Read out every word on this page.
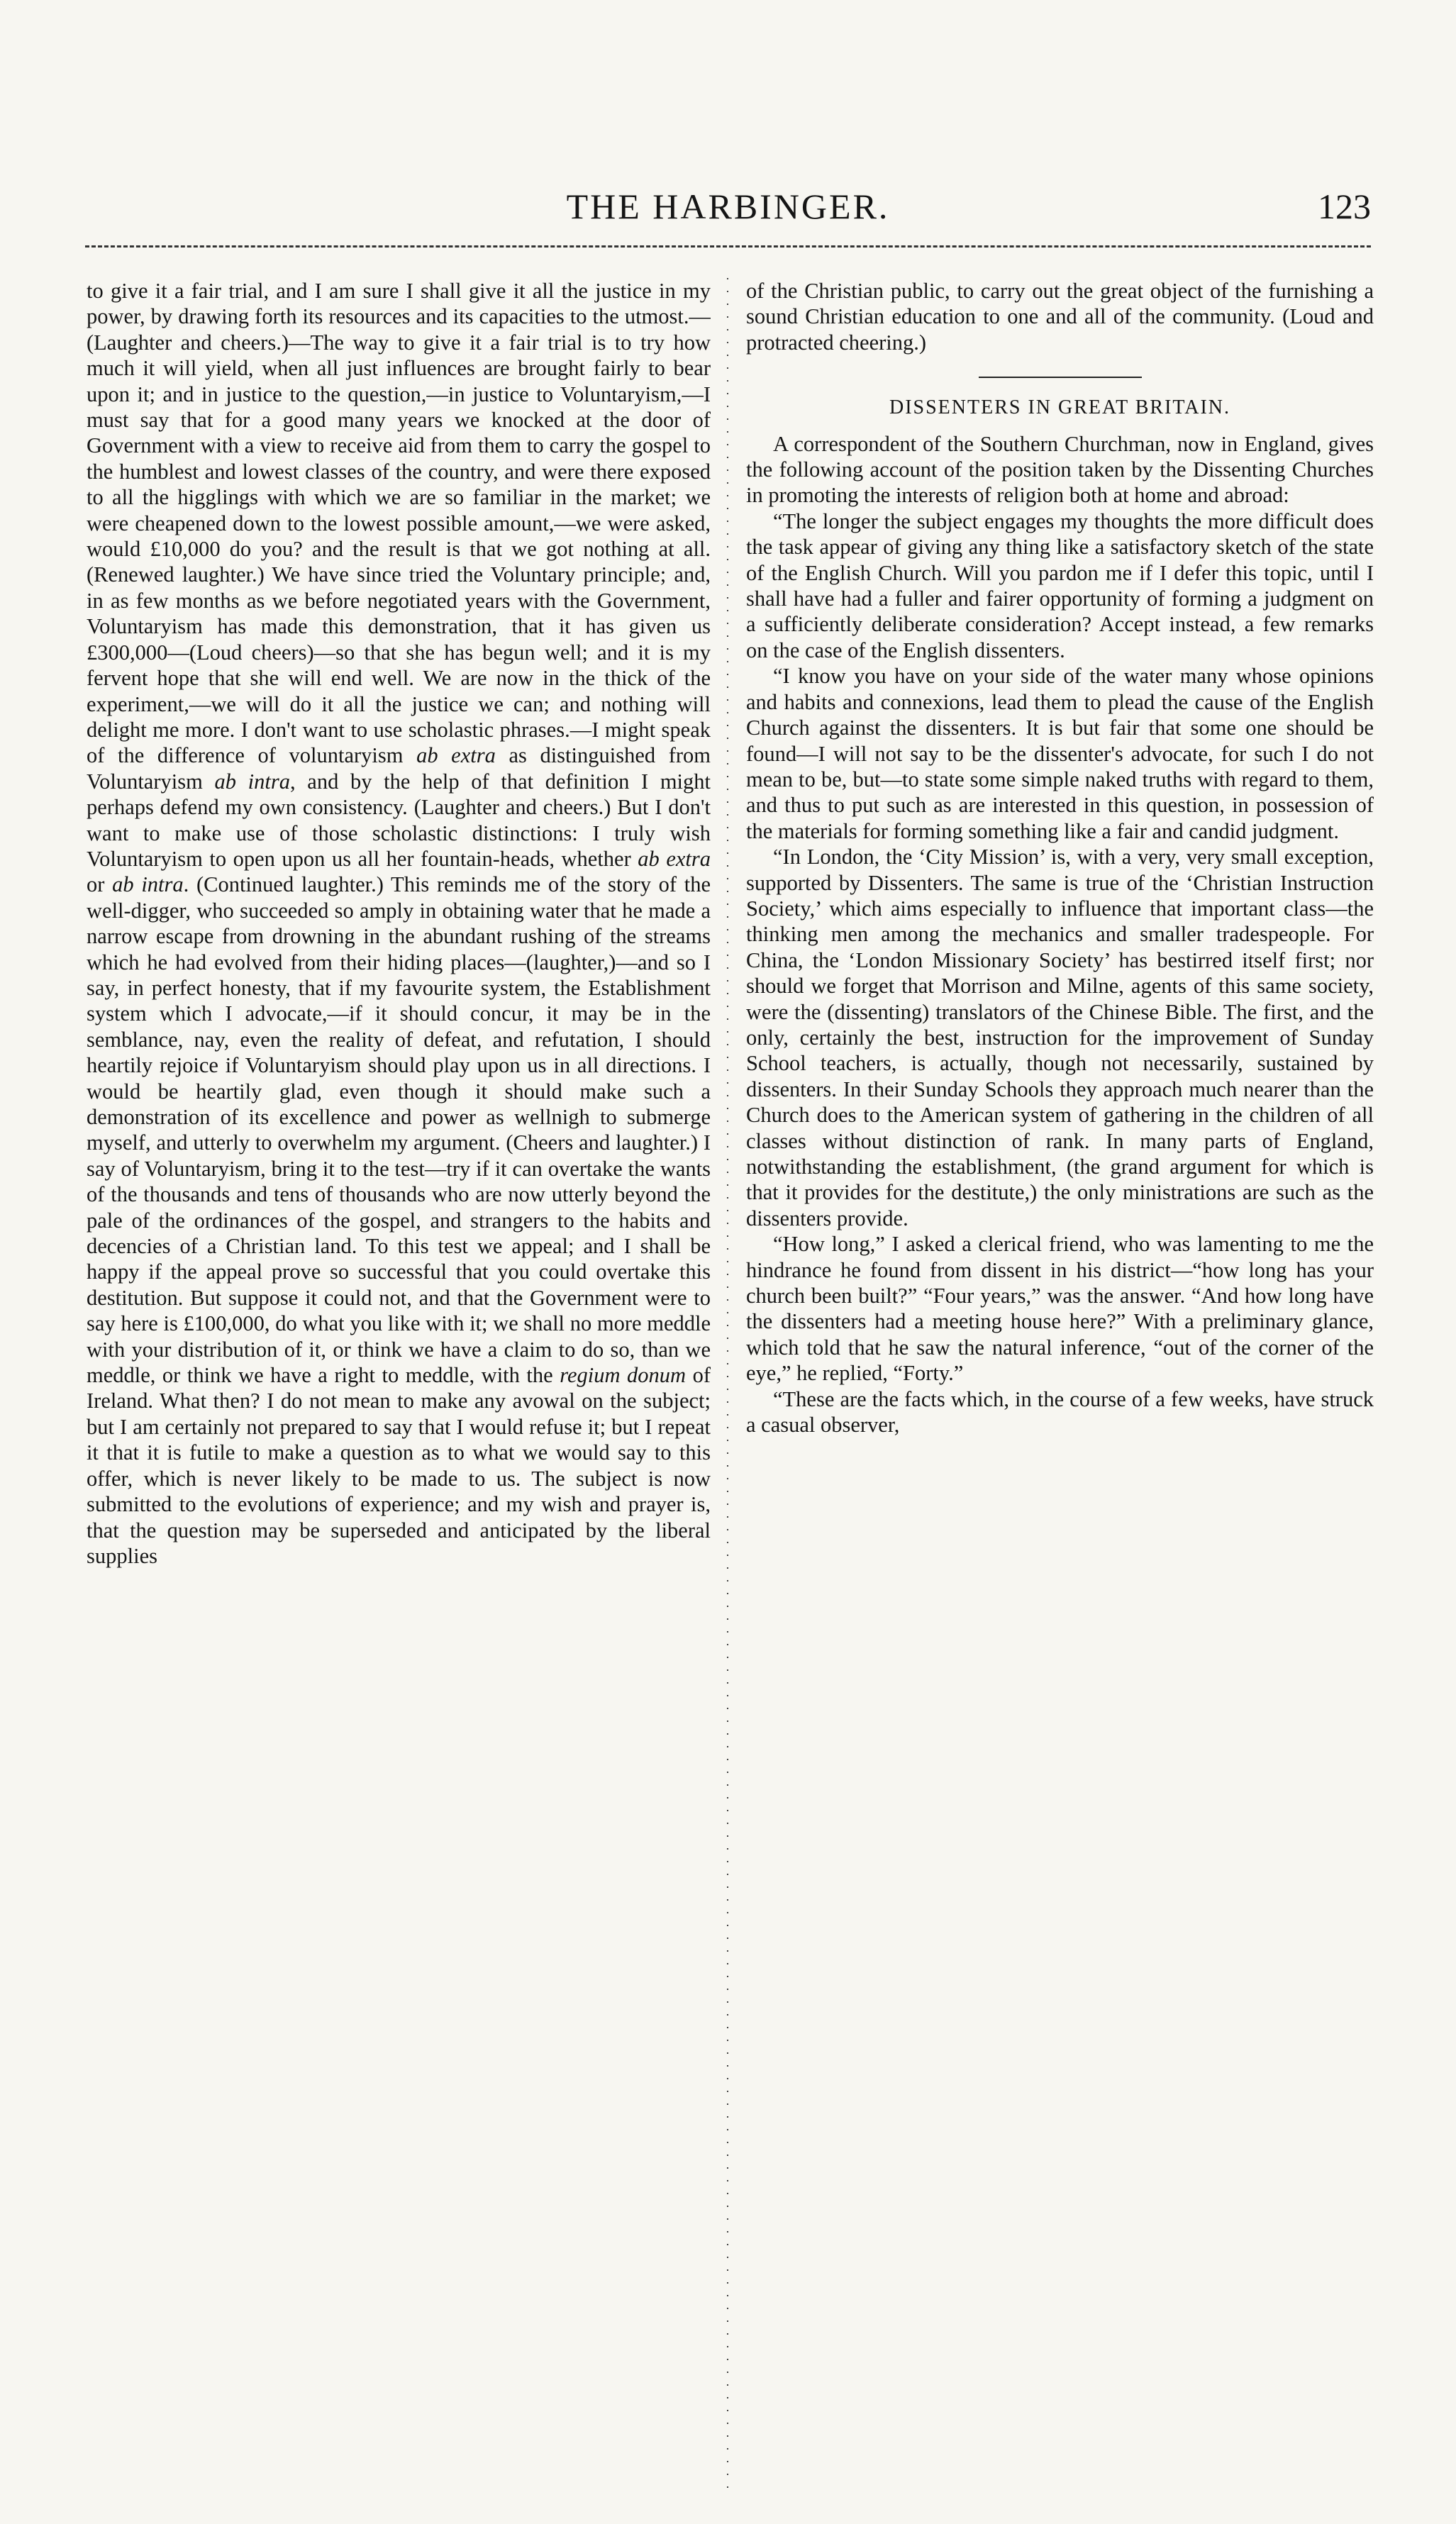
THE HARBINGER.	123

to give it a fair trial, and I am sure I shall give it all the justice in my power, by drawing forth its resources and its capacities to the utmost.—(Laughter and cheers.)—The way to give it a fair trial is to try how much it will yield, when all just influences are brought fairly to bear upon it; and in justice to the question,—in justice to Voluntaryism,—I must say that for a good many years we knocked at the door of Government with a view to receive aid from them to carry the gospel to the humblest and lowest classes of the country, and were there exposed to all the higglings with which we are so familiar in the market; we were cheapened down to the lowest possible amount,—we were asked, would £10,000 do you? and the result is that we got nothing at all. (Renewed laughter.) We have since tried the Voluntary principle; and, in as few months as we before negotiated years with the Government, Voluntaryism has made this demonstration, that it has given us £300,000—(Loud cheers)—so that she has begun well; and it is my fervent hope that she will end well. We are now in the thick of the experiment,—we will do it all the justice we can; and nothing will delight me more. I don't want to use scholastic phrases.—I might speak of the difference of voluntaryism ab extra as distinguished from Voluntaryism ab intra, and by the help of that definition I might perhaps defend my own consistency. (Laughter and cheers.) But I don't want to make use of those scholastic distinctions: I truly wish Voluntaryism to open upon us all her fountain-heads, whether ab extra or ab intra. (Continued laughter.) This reminds me of the story of the well-digger, who succeeded so amply in obtaining water that he made a narrow escape from drowning in the abundant rushing of the streams which he had evolved from their hiding places—(laughter,)—and so I say, in perfect honesty, that if my favourite system, the Establishment system which I advocate,—if it should concur, it may be in the semblance, nay, even the reality of defeat, and refutation, I should heartily rejoice if Voluntaryism should play upon us in all directions. I would be heartily glad, even though it should make such a demonstration of its excellence and power as wellnigh to submerge myself, and utterly to overwhelm my argument. (Cheers and laughter.) I say of Voluntaryism, bring it to the test—try if it can overtake the wants of the thousands and tens of thousands who are now utterly beyond the pale of the ordinances of the gospel, and strangers to the habits and decencies of a Christian land. To this test we appeal; and I shall be happy if the appeal prove so successful that you could overtake this destitution. But suppose it could not, and that the Government were to say here is £100,000, do what you like with it; we shall no more meddle with your distribution of it, or think we have a claim to do so, than we meddle, or think we have a right to meddle, with the regium donum of Ireland. What then? I do not mean to make any avowal on the subject; but I am certainly not prepared to say that I would refuse it; but I repeat it that it is futile to make a question as to what we would say to this offer, which is never likely to be made to us. The subject is now submitted to the evolutions of experience; and my wish and prayer is, that the question may be superseded and anticipated by the liberal supplies

of the Christian public, to carry out the great object of the furnishing a sound Christian education to one and all of the community. (Loud and protracted cheering.)

DISSENTERS IN GREAT BRITAIN.

A correspondent of the Southern Churchman, now in England, gives the following account of the position taken by the Dissenting Churches in promoting the interests of religion both at home and abroad:

“The longer the subject engages my thoughts the more difficult does the task appear of giving any thing like a satisfactory sketch of the state of the English Church. Will you pardon me if I defer this topic, until I shall have had a fuller and fairer opportunity of forming a judgment on a sufficiently deliberate consideration? Accept instead, a few remarks on the case of the English dissenters.

“I know you have on your side of the water many whose opinions and habits and connexions, lead them to plead the cause of the English Church against the dissenters. It is but fair that some one should be found—I will not say to be the dissenter's advocate, for such I do not mean to be, but—to state some simple naked truths with regard to them, and thus to put such as are interested in this question, in possession of the materials for forming something like a fair and candid judgment.

“In London, the ‘City Mission’ is, with a very, very small exception, supported by Dissenters. The same is true of the ‘Christian Instruction Society,’ which aims especially to influence that important class—the thinking men among the mechanics and smaller tradespeople. For China, the ‘London Missionary Society’ has bestirred itself first; nor should we forget that Morrison and Milne, agents of this same society, were the (dissenting) translators of the Chinese Bible. The first, and the only, certainly the best, instruction for the improvement of Sunday School teachers, is actually, though not necessarily, sustained by dissenters. In their Sunday Schools they approach much nearer than the Church does to the American system of gathering in the children of all classes without distinction of rank. In many parts of England, notwithstanding the establishment, (the grand argument for which is that it provides for the destitute,) the only ministrations are such as the dissenters provide.

“How long,” I asked a clerical friend, who was lamenting to me the hindrance he found from dissent in his district—“how long has your church been built?” “Four years,” was the answer. “And how long have the dissenters had a meeting house here?” With a preliminary glance, which told that he saw the natural inference, “out of the corner of the eye,” he replied, “Forty.”

“These are the facts which, in the course of a few weeks, have struck a casual observer,
